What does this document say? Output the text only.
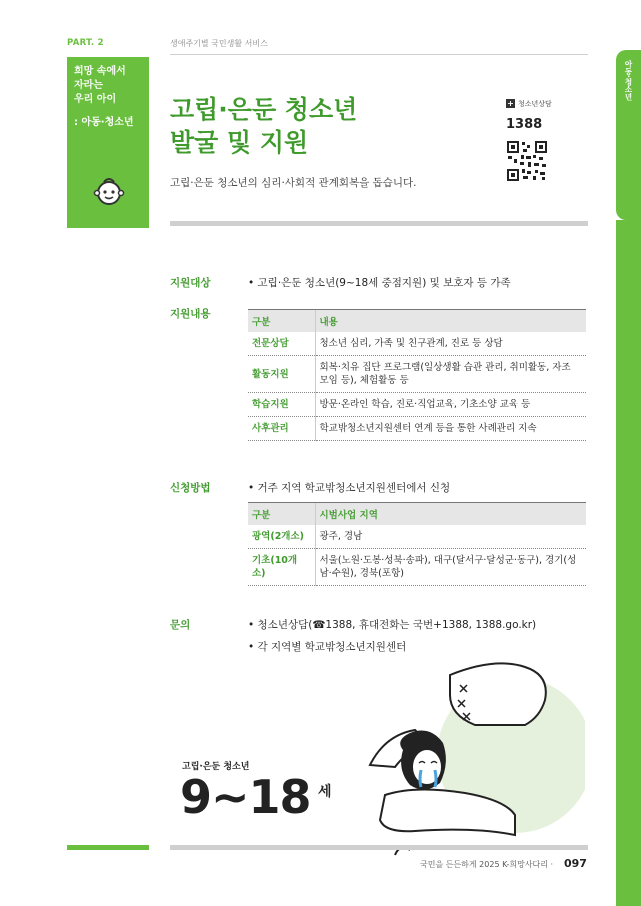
PART. 2	생애주기별 국민생활 서비스
희망 속에서
자라는
우리 아이
: 아동·청소년
아동·청소년
고립·은둔 청소년
발굴 및 지원
고립·은둔 청소년의 심리·사회적 관계회복을 돕습니다.
+ 청소년상담
1388
지원대상	• 고립·은둔 청소년(9~18세 중점지원) 및 보호자 등 가족
지원내용
구분	내용
전문상담	청소년 심리, 가족 및 친구관계, 진로 등 상담
활동지원	회복·치유 집단 프로그램(일상생활 습관 관리, 취미활동, 자조 모임 등), 체험활동 등
학습지원	방문·온라인 학습, 진로·직업교육, 기초소양 교육 등
사후관리	학교밖청소년지원센터 연계 등을 통한 사례관리 지속
신청방법	• 거주 지역 학교밖청소년지원센터에서 신청
구분	시범사업 지역
광역(2개소)	광주, 경남
기초(10개소)	서울(노원·도봉·성북·송파), 대구(달서구·달성군·동구), 경기(성남·수원), 경북(포항)
문의	• 청소년상담(☎1388, 휴대전화는 국번+1388, 1388.go.kr)
• 각 지역별 학교밖청소년지원센터
고립·은둔 청소년
9~18 세
국민을 든든하게 2025 K-희망사다리 · 097
